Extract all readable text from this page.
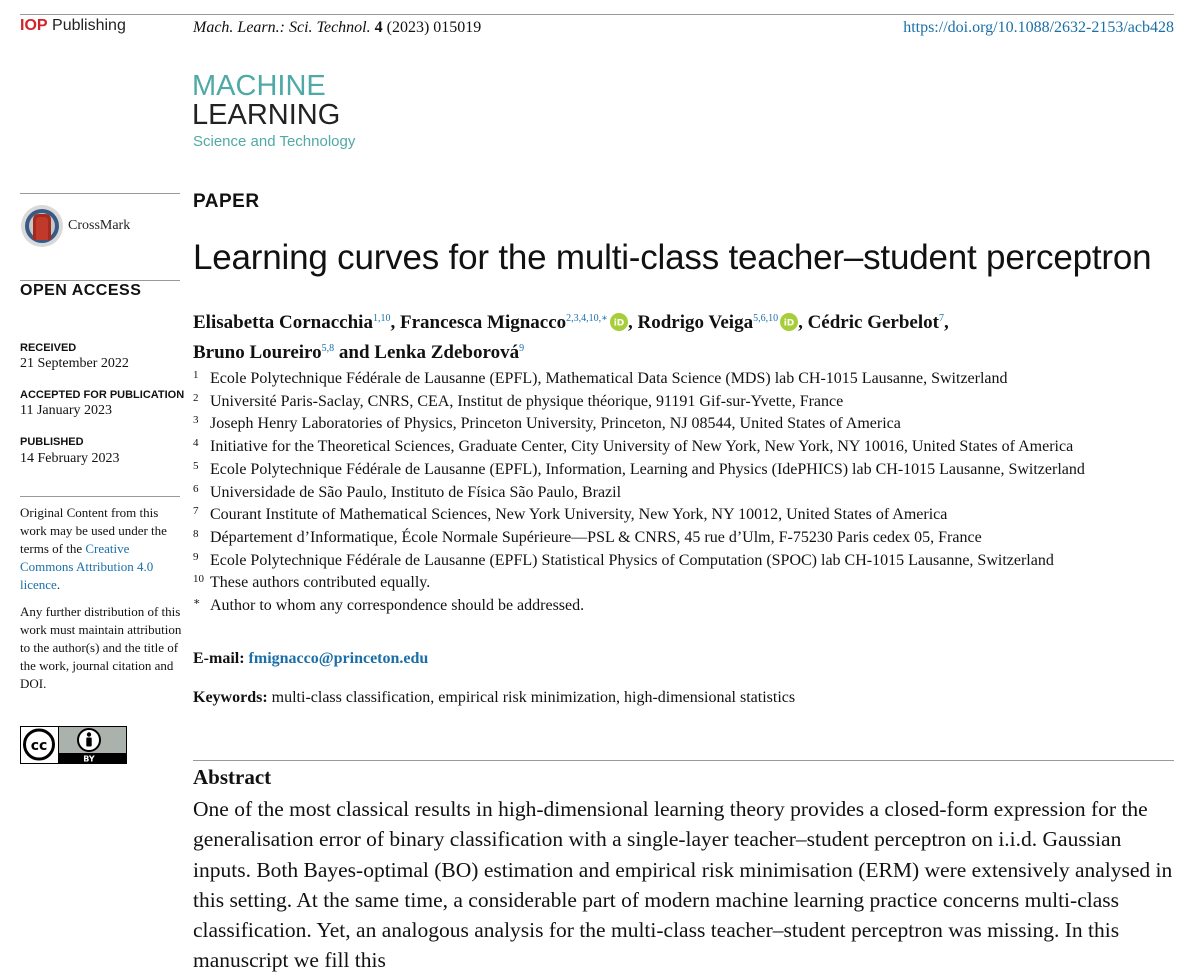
IOP Publishing	Mach. Learn.: Sci. Technol. 4 (2023) 015019	https://doi.org/10.1088/2632-2153/acb428
MACHINE
LEARNING
Science and Technology
CrossMark
OPEN ACCESS
RECEIVED
21 September 2022
ACCEPTED FOR PUBLICATION
11 January 2023
PUBLISHED
14 February 2023
Original Content from this work may be used under the terms of the Creative Commons Attribution 4.0 licence.
Any further distribution of this work must maintain attribution to the author(s) and the title of the work, journal citation and DOI.
cc
BY
PAPER
Learning curves for the multi-class teacher–student perceptron
Elisabetta Cornacchia$^{1,10}$, Francesca Mignacco$^{2,3,4,10,∗}$ iD , Rodrigo Veiga$^{5,6,10}$ iD , Cédric Gerbelot$^7$,
Bruno Loureiro$^{5,8}$ and Lenka Zdeborová$^9$
1 Ecole Polytechnique Fédérale de Lausanne (EPFL), Mathematical Data Science (MDS) lab CH-1015 Lausanne, Switzerland
2 Université Paris-Saclay, CNRS, CEA, Institut de physique théorique, 91191 Gif-sur-Yvette, France
3 Joseph Henry Laboratories of Physics, Princeton University, Princeton, NJ 08544, United States of America
4 Initiative for the Theoretical Sciences, Graduate Center, City University of New York, New York, NY 10016, United States of America
5 Ecole Polytechnique Fédérale de Lausanne (EPFL), Information, Learning and Physics (IdePHICS) lab CH-1015 Lausanne, Switzerland
6 Universidade de São Paulo, Instituto de Física São Paulo, Brazil
7 Courant Institute of Mathematical Sciences, New York University, New York, NY 10012, United States of America
8 Département d’Informatique, École Normale Supérieure—PSL & CNRS, 45 rue d’Ulm, F-75230 Paris cedex 05, France
9 Ecole Polytechnique Fédérale de Lausanne (EPFL) Statistical Physics of Computation (SPOC) lab CH-1015 Lausanne, Switzerland
10 These authors contributed equally.
∗ Author to whom any correspondence should be addressed.
E-mail: fmignacco@princeton.edu
Keywords: multi-class classification, empirical risk minimization, high-dimensional statistics
Abstract
One of the most classical results in high-dimensional learning theory provides a closed-form expression for the generalisation error of binary classification with a single-layer teacher–student perceptron on i.i.d. Gaussian inputs. Both Bayes-optimal (BO) estimation and empirical risk minimisation (ERM) were extensively analysed in this setting. At the same time, a considerable part of modern machine learning practice concerns multi-class classification. Yet, an analogous analysis for the multi-class teacher–student perceptron was missing. In this manuscript we fill this
